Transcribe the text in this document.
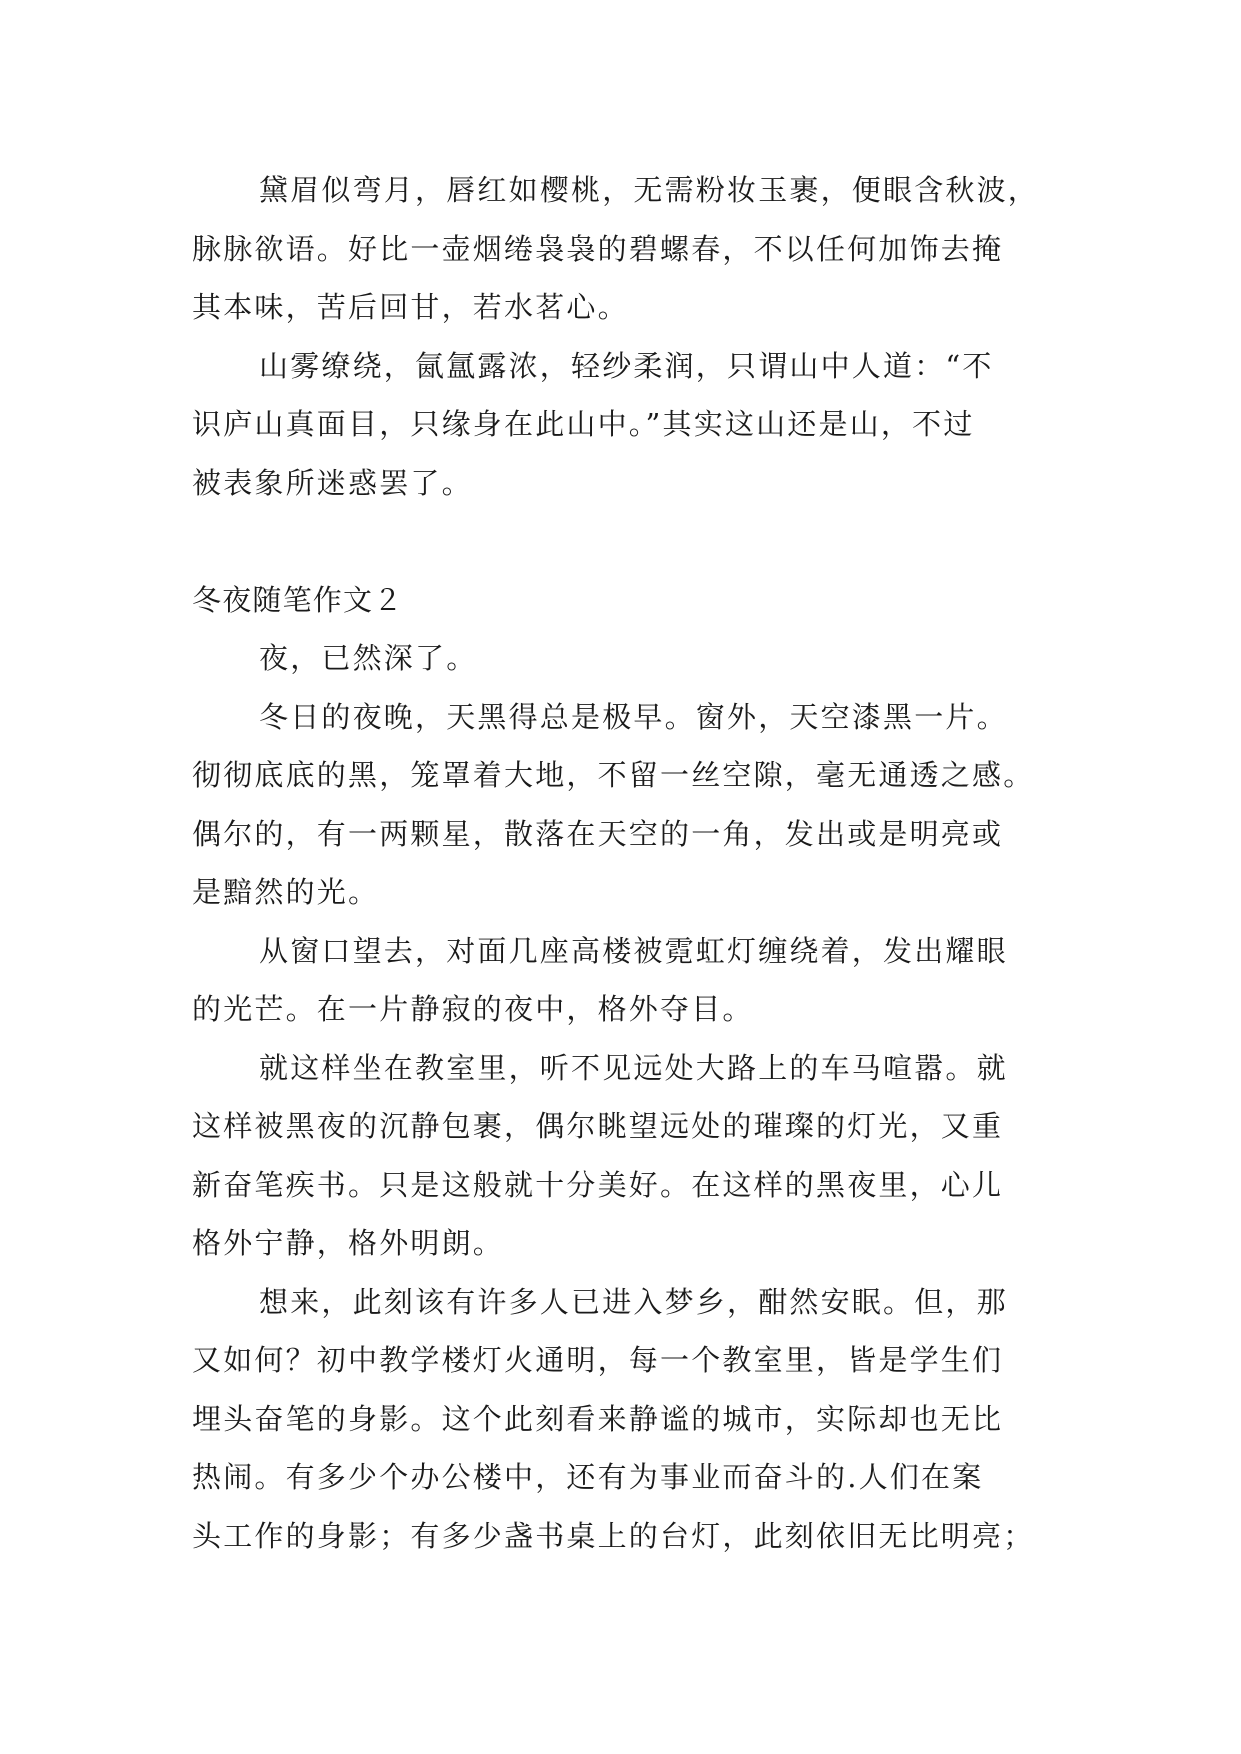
黛眉似弯月，唇红如樱桃，无需粉妆玉裹，便眼含秋波，

脉脉欲语。好比一壶烟绻袅袅的碧螺春，不以任何加饰去掩

其本味，苦后回甘，若水茗心。

山雾缭绕，氤氲露浓，轻纱柔润，只谓山中人道：“不

识庐山真面目，只缘身在此山中。”其实这山还是山，不过

被表象所迷惑罢了。

冬夜随笔作文２

夜，已然深了。

冬日的夜晚，天黑得总是极早。窗外，天空漆黑一片。

彻彻底底的黑，笼罩着大地，不留一丝空隙，毫无通透之感。

偶尔的，有一两颗星，散落在天空的一角，发出或是明亮或

是黯然的光。

从窗口望去，对面几座高楼被霓虹灯缠绕着，发出耀眼

的光芒。在一片静寂的夜中，格外夺目。

就这样坐在教室里，听不见远处大路上的车马喧嚣。就

这样被黑夜的沉静包裹，偶尔眺望远处的璀璨的灯光，又重

新奋笔疾书。只是这般就十分美好。在这样的黑夜里，心儿

格外宁静，格外明朗。

想来，此刻该有许多人已进入梦乡，酣然安眠。但，那

又如何？初中教学楼灯火通明，每一个教室里，皆是学生们

埋头奋笔的身影。这个此刻看来静谧的城市，实际却也无比

热闹。有多少个办公楼中，还有为事业而奋斗的.人们在案

头工作的身影；有多少盏书桌上的台灯，此刻依旧无比明亮；
